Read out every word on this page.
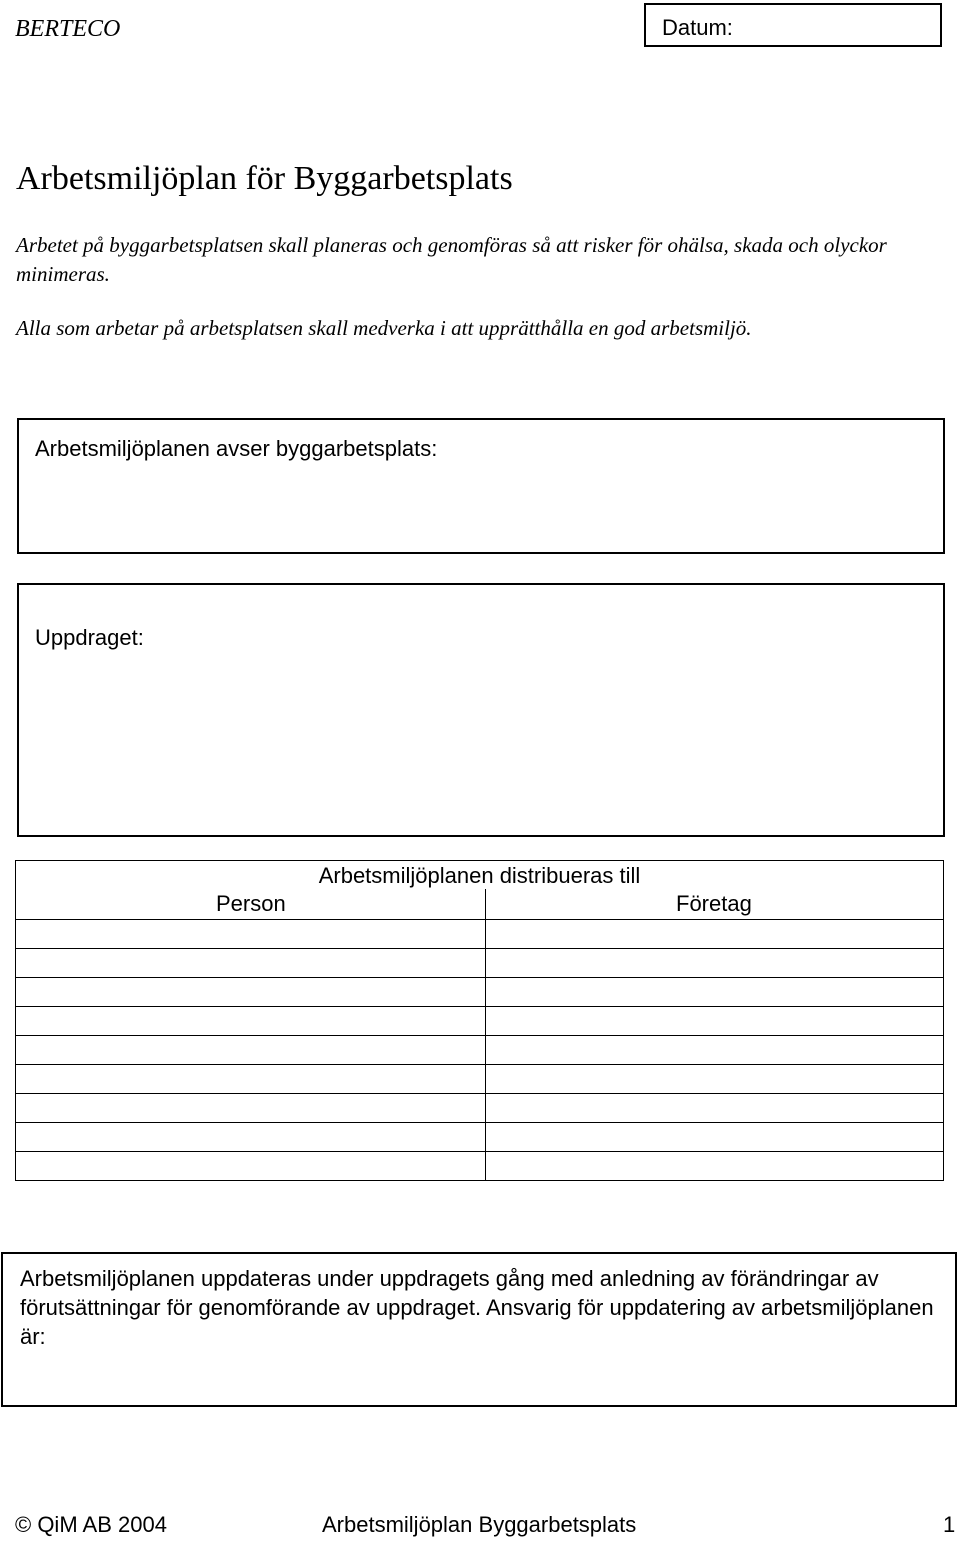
BERTECO	Datum:
Arbetsmiljöplan för Byggarbetsplats

Arbetet på byggarbetsplatsen skall planeras och genomföras så att risker för ohälsa, skada och olyckor minimeras.

Alla som arbetar på arbetsplatsen skall medverka i att upprätthålla en god arbetsmiljö.

Arbetsmiljöplanen avser byggarbetsplats:
Uppdraget:
Arbetsmiljöplanen distribueras till	
Person	Företag

Arbetsmiljöplanen uppdateras under uppdragets gång med anledning av förändringar av förutsättningar för genomförande av uppdraget. Ansvarig för uppdatering av arbetsmiljöplanen är:
© QiM AB 2004	Arbetsmiljöplan Byggarbetsplats	1
